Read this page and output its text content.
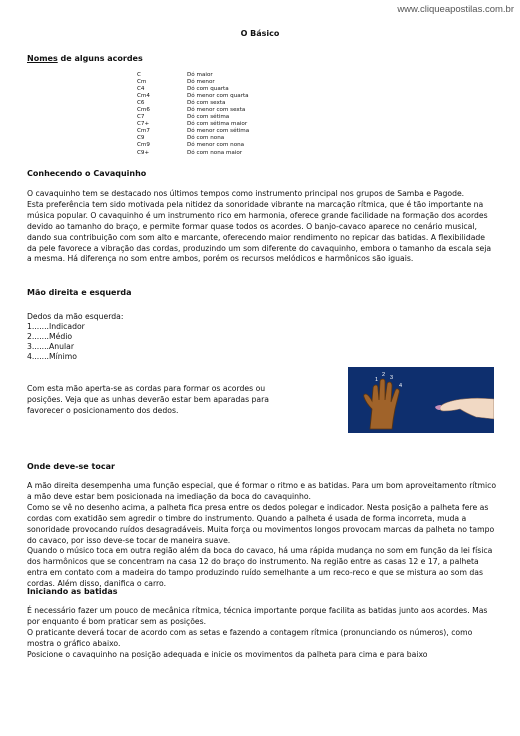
www.cliqueapostilas.com.br
O Básico
Nomes de alguns acordes
C	Dó maior
Cm	Dó menor
C4	Dó com quarta
Cm4	Dó menor com quarta
C6	Dó com sexta
Cm6	Dó menor com sexta
C7	Dó com sétima
C7+	Dó com sétima maior
Cm7	Dó menor com sétima
C9	Dó com nona
Cm9	Dó menor com nona
C9+	Dó com nona maior
Conhecendo o Cavaquinho

O cavaquinho tem se destacado nos últimos tempos como instrumento principal nos grupos de Samba e Pagode.

Esta preferência tem sido motivada pela nitidez da sonoridade vibrante na marcação rítmica, que é tão importante na música popular. O cavaquinho é um instrumento rico em harmonia, oferece grande facilidade na formação dos acordes devido ao tamanho do braço, e permite formar quase todos os acordes. O banjo-cavaco aparece no cenário musical, dando sua contribuição com som alto e marcante, oferecendo maior rendimento no repicar das batidas. A flexibilidade da pele favorece a vibração das cordas, produzindo um som diferente do cavaquinho, embora o tamanho da escala seja a mesma. Há diferença no som entre ambos, porém os recursos melódicos e harmônicos são iguais.

Mão direita e esquerda
Dedos da mão esquerda:
1.......Indicador
2.......Médio
3.......Anular
4.......Mínimo

Com esta mão aperta-se as cordas para formar os acordes ou posições. Veja que as unhas deverão estar bem aparadas para favorecer o posicionamento dos dedos.

1
2 3
4
Onde deve-se tocar

A mão direita desempenha uma função especial, que é formar o ritmo e as batidas. Para um bom aproveitamento rítmico a mão deve estar bem posicionada na imediação da boca do cavaquinho.

Como se vê no desenho acima, a palheta fica presa entre os dedos polegar e indicador. Nesta posição a palheta fere as cordas com exatidão sem agredir o timbre do instrumento. Quando a palheta é usada de forma incorreta, muda a sonoridade provocando ruídos desagradáveis. Muita força ou movimentos longos provocam marcas da palheta no tampo do cavaco, por isso deve-se tocar de maneira suave.

Quando o músico toca em outra região além da boca do cavaco, há uma rápida mudança no som em função da lei física dos harmônicos que se concentram na casa 12 do braço do instrumento. Na região entre as casas 12 e 17, a palheta entra em contato com a madeira do tampo produzindo ruído semelhante a um reco-reco e que se mistura ao som das cordas. Além disso, danifica o carro.

Iniciando as batidas

É necessário fazer um pouco de mecânica rítmica, técnica importante porque facilita as batidas junto aos acordes. Mas por enquanto é bom praticar sem as posições.

O praticante deverá tocar de acordo com as setas e fazendo a contagem rítmica (pronunciando os números), como mostra o gráfico abaixo.

Posicione o cavaquinho na posição adequada e inicie os movimentos da palheta para cima e para baixo
